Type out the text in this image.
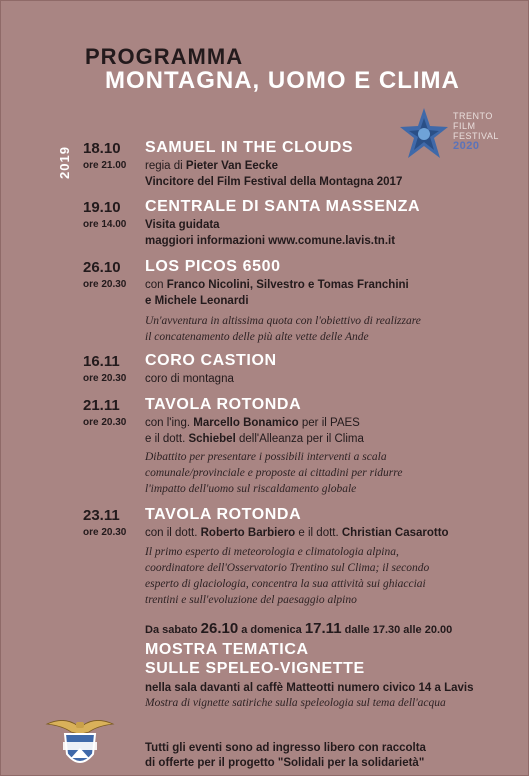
PROGRAMMA
MONTAGNA, UOMO E CLIMA
2019
TRENTO
FILM
FESTIVAL
2020
18.10
ore 21.00
SAMUEL IN THE CLOUDS
regia di Pieter Van Eecke
Vincitore del Film Festival della Montagna 2017
19.10
ore 14.00
CENTRALE DI SANTA MASSENZA
Visita guidata
maggiori informazioni www.comune.lavis.tn.it
26.10
ore 20.30
LOS PICOS 6500
con Franco Nicolini, Silvestro e Tomas Franchini
e Michele Leonardi
Un'avventura in altissima quota con l'obiettivo di realizzare
il concatenamento delle più alte vette delle Ande
16.11
ore 20.30
CORO CASTION
coro di montagna
21.11
ore 20.30
TAVOLA ROTONDA
con l'ing. Marcello Bonamico per il PAES
e il dott. Schiebel dell'Alleanza per il Clima
Dibattito per presentare i possibili interventi a scala
comunale/provinciale e proposte ai cittadini per ridurre
l'impatto dell'uomo sul riscaldamento globale
23.11
ore 20.30
TAVOLA ROTONDA
con il dott. Roberto Barbiero e il dott. Christian Casarotto
Il primo esperto di meteorologia e climatologia alpina,
coordinatore dell'Osservatorio Trentino sul Clima; il secondo
esperto di glaciologia, concentra la sua attività sui ghiacciai
trentini e sull'evoluzione del paesaggio alpino
Da sabato 26.10 a domenica 17.11 dalle 17.30 alle 20.00
MOSTRA TEMATICA
SULLE SPELEO-VIGNETTE
nella sala davanti al caffè Matteotti numero civico 14 a Lavis
Mostra di vignette satiriche sulla speleologia sul tema dell'acqua
Tutti gli eventi sono ad ingresso libero con raccolta
di offerte per il progetto "Solidali per la solidarietà"
